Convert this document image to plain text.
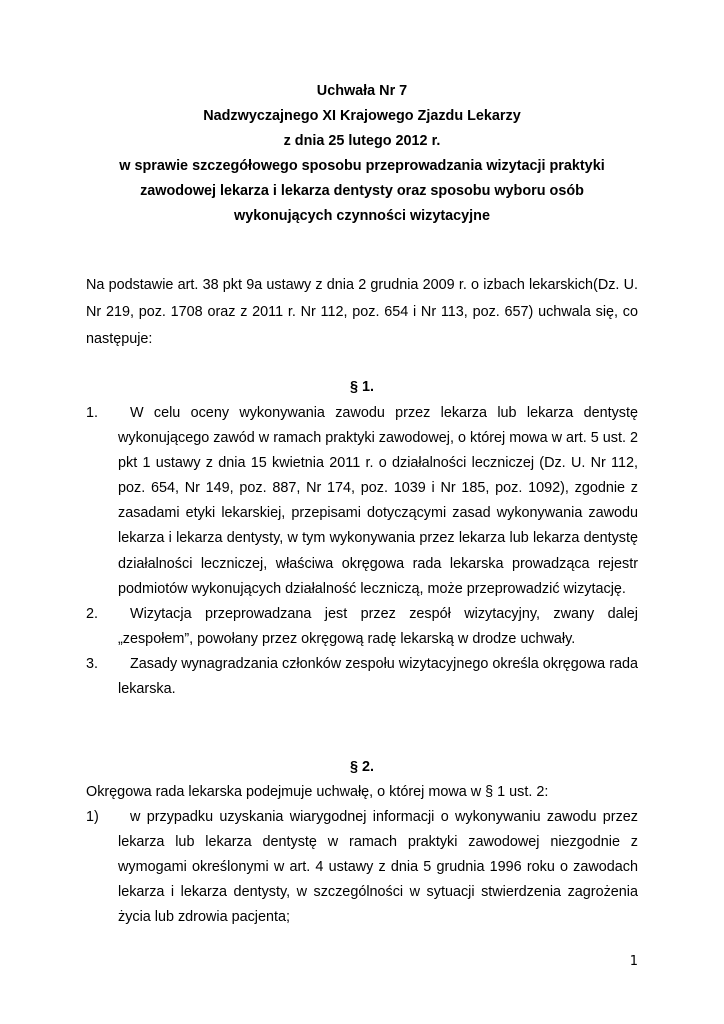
Uchwała Nr 7
Nadzwyczajnego XI Krajowego Zjazdu Lekarzy
z dnia 25 lutego 2012 r.
w sprawie szczegółowego sposobu przeprowadzania wizytacji praktyki
zawodowej lekarza i lekarza dentysty oraz sposobu wyboru osób
wykonujących czynności wizytacyjne
Na podstawie art. 38 pkt 9a ustawy z dnia 2 grudnia 2009 r. o izbach lekarskich(Dz. U. Nr 219, poz. 1708 oraz z 2011 r. Nr 112, poz. 654 i Nr 113, poz. 657) uchwala się, co następuje:
§ 1.
1. W celu oceny wykonywania zawodu przez lekarza lub lekarza dentystę wykonującego zawód w ramach praktyki zawodowej, o której mowa w art. 5 ust. 2 pkt 1 ustawy z dnia 15 kwietnia 2011 r. o działalności leczniczej (Dz. U. Nr 112, poz. 654, Nr 149, poz. 887, Nr 174, poz. 1039 i Nr 185, poz. 1092), zgodnie z zasadami etyki lekarskiej, przepisami dotyczącymi zasad wykonywania zawodu lekarza i lekarza dentysty, w tym wykonywania przez lekarza lub lekarza dentystę działalności leczniczej, właściwa okręgowa rada lekarska prowadząca rejestr podmiotów wykonujących działalność leczniczą, może przeprowadzić wizytację.
2. Wizytacja przeprowadzana jest przez zespół wizytacyjny, zwany dalej „zespołem”, powołany przez okręgową radę lekarską w drodze uchwały.
3. Zasady wynagradzania członków zespołu wizytacyjnego określa okręgowa rada lekarska.
§ 2.
Okręgowa rada lekarska podejmuje uchwałę, o której mowa w § 1 ust. 2:
1) w przypadku uzyskania wiarygodnej informacji o wykonywaniu zawodu przez lekarza lub lekarza dentystę w ramach praktyki zawodowej niezgodnie z wymogami określonymi w art. 4 ustawy z dnia 5 grudnia 1996 roku o zawodach lekarza i lekarza dentysty, w szczególności w sytuacji stwierdzenia zagrożenia życia lub zdrowia pacjenta;
1
